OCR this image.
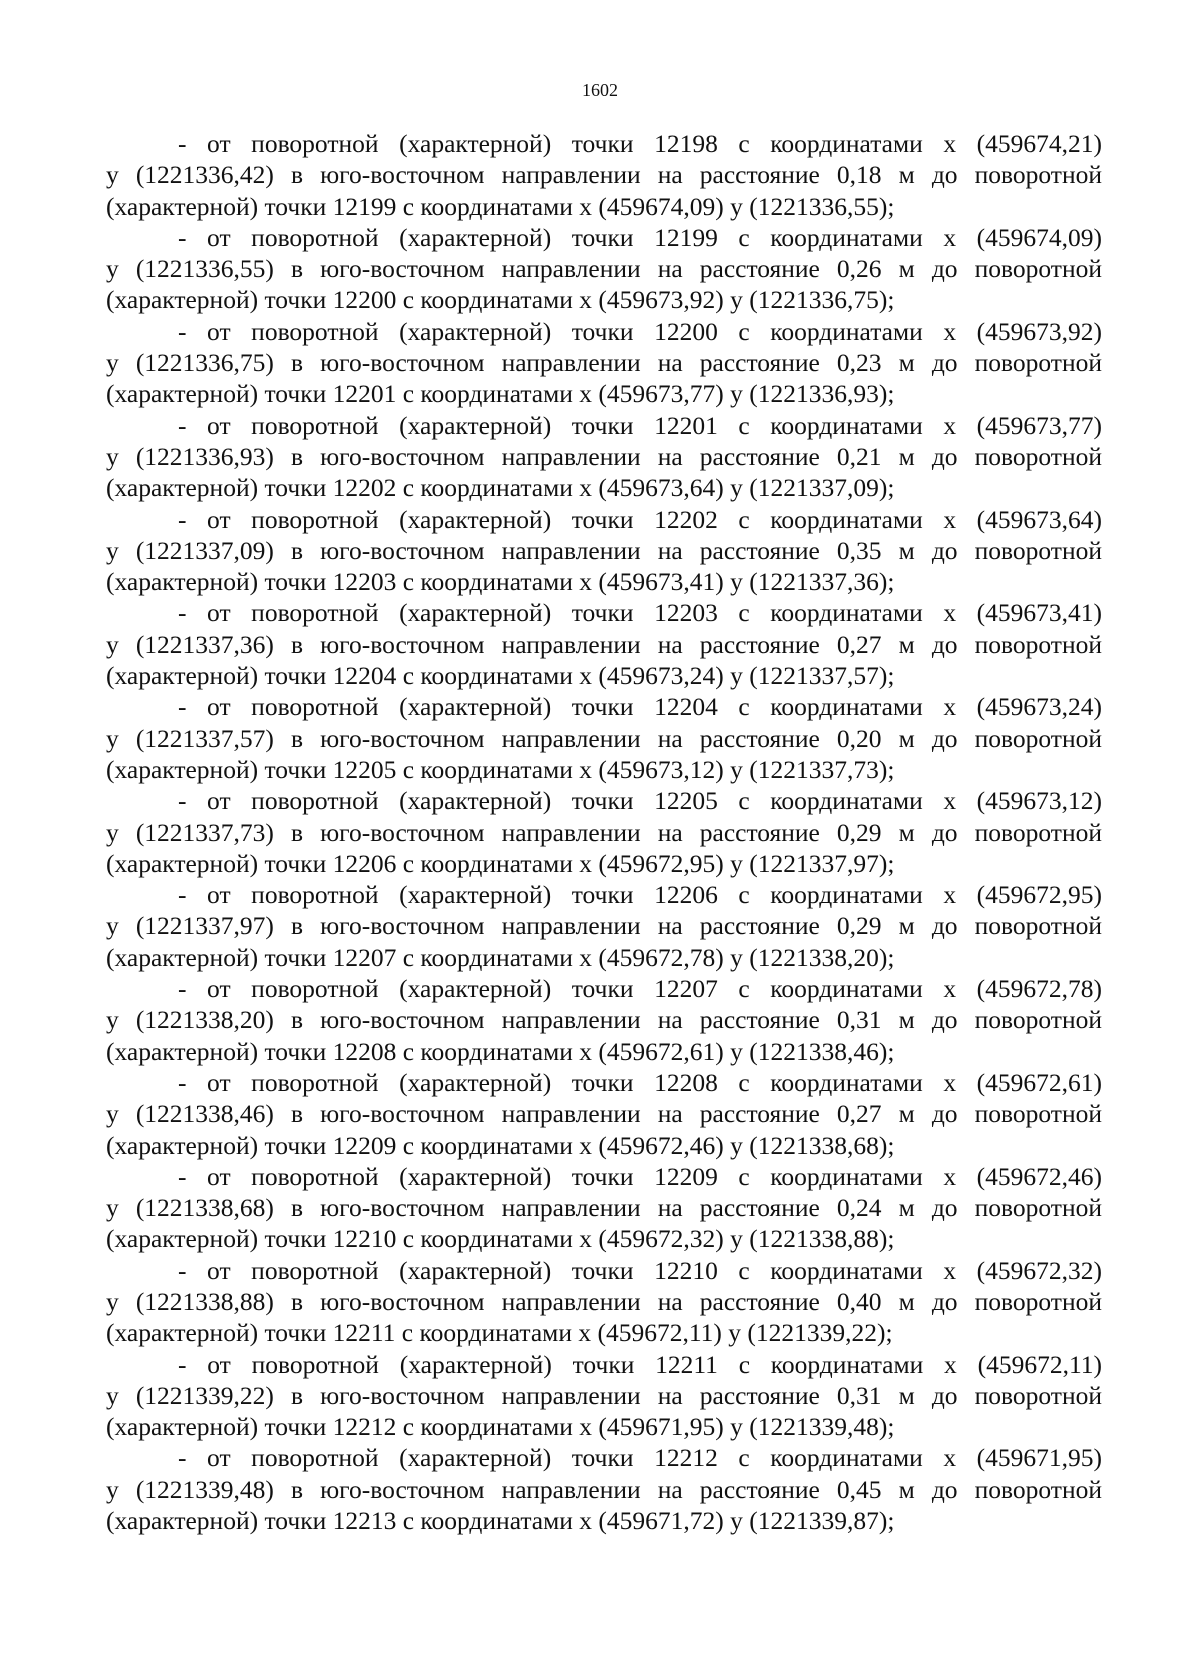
1602
- от поворотной (характерной) точки 12198 с координатами х (459674,21)
у (1221336,42) в юго-восточном направлении на расстояние 0,18 м до поворотной
(характерной) точки 12199 с координатами х (459674,09) у (1221336,55);
- от поворотной (характерной) точки 12199 с координатами х (459674,09)
у (1221336,55) в юго-восточном направлении на расстояние 0,26 м до поворотной
(характерной) точки 12200 с координатами х (459673,92) у (1221336,75);
- от поворотной (характерной) точки 12200 с координатами х (459673,92)
у (1221336,75) в юго-восточном направлении на расстояние 0,23 м до поворотной
(характерной) точки 12201 с координатами х (459673,77) у (1221336,93);
- от поворотной (характерной) точки 12201 с координатами х (459673,77)
у (1221336,93) в юго-восточном направлении на расстояние 0,21 м до поворотной
(характерной) точки 12202 с координатами х (459673,64) у (1221337,09);
- от поворотной (характерной) точки 12202 с координатами х (459673,64)
у (1221337,09) в юго-восточном направлении на расстояние 0,35 м до поворотной
(характерной) точки 12203 с координатами х (459673,41) у (1221337,36);
- от поворотной (характерной) точки 12203 с координатами х (459673,41)
у (1221337,36) в юго-восточном направлении на расстояние 0,27 м до поворотной
(характерной) точки 12204 с координатами х (459673,24) у (1221337,57);
- от поворотной (характерной) точки 12204 с координатами х (459673,24)
у (1221337,57) в юго-восточном направлении на расстояние 0,20 м до поворотной
(характерной) точки 12205 с координатами х (459673,12) у (1221337,73);
- от поворотной (характерной) точки 12205 с координатами х (459673,12)
у (1221337,73) в юго-восточном направлении на расстояние 0,29 м до поворотной
(характерной) точки 12206 с координатами х (459672,95) у (1221337,97);
- от поворотной (характерной) точки 12206 с координатами х (459672,95)
у (1221337,97) в юго-восточном направлении на расстояние 0,29 м до поворотной
(характерной) точки 12207 с координатами х (459672,78) у (1221338,20);
- от поворотной (характерной) точки 12207 с координатами х (459672,78)
у (1221338,20) в юго-восточном направлении на расстояние 0,31 м до поворотной
(характерной) точки 12208 с координатами х (459672,61) у (1221338,46);
- от поворотной (характерной) точки 12208 с координатами х (459672,61)
у (1221338,46) в юго-восточном направлении на расстояние 0,27 м до поворотной
(характерной) точки 12209 с координатами х (459672,46) у (1221338,68);
- от поворотной (характерной) точки 12209 с координатами х (459672,46)
у (1221338,68) в юго-восточном направлении на расстояние 0,24 м до поворотной
(характерной) точки 12210 с координатами х (459672,32) у (1221338,88);
- от поворотной (характерной) точки 12210 с координатами х (459672,32)
у (1221338,88) в юго-восточном направлении на расстояние 0,40 м до поворотной
(характерной) точки 12211 с координатами х (459672,11) у (1221339,22);
- от поворотной (характерной) точки 12211 с координатами х (459672,11)
у (1221339,22) в юго-восточном направлении на расстояние 0,31 м до поворотной
(характерной) точки 12212 с координатами х (459671,95) у (1221339,48);
- от поворотной (характерной) точки 12212 с координатами х (459671,95)
у (1221339,48) в юго-восточном направлении на расстояние 0,45 м до поворотной
(характерной) точки 12213 с координатами х (459671,72) у (1221339,87);
